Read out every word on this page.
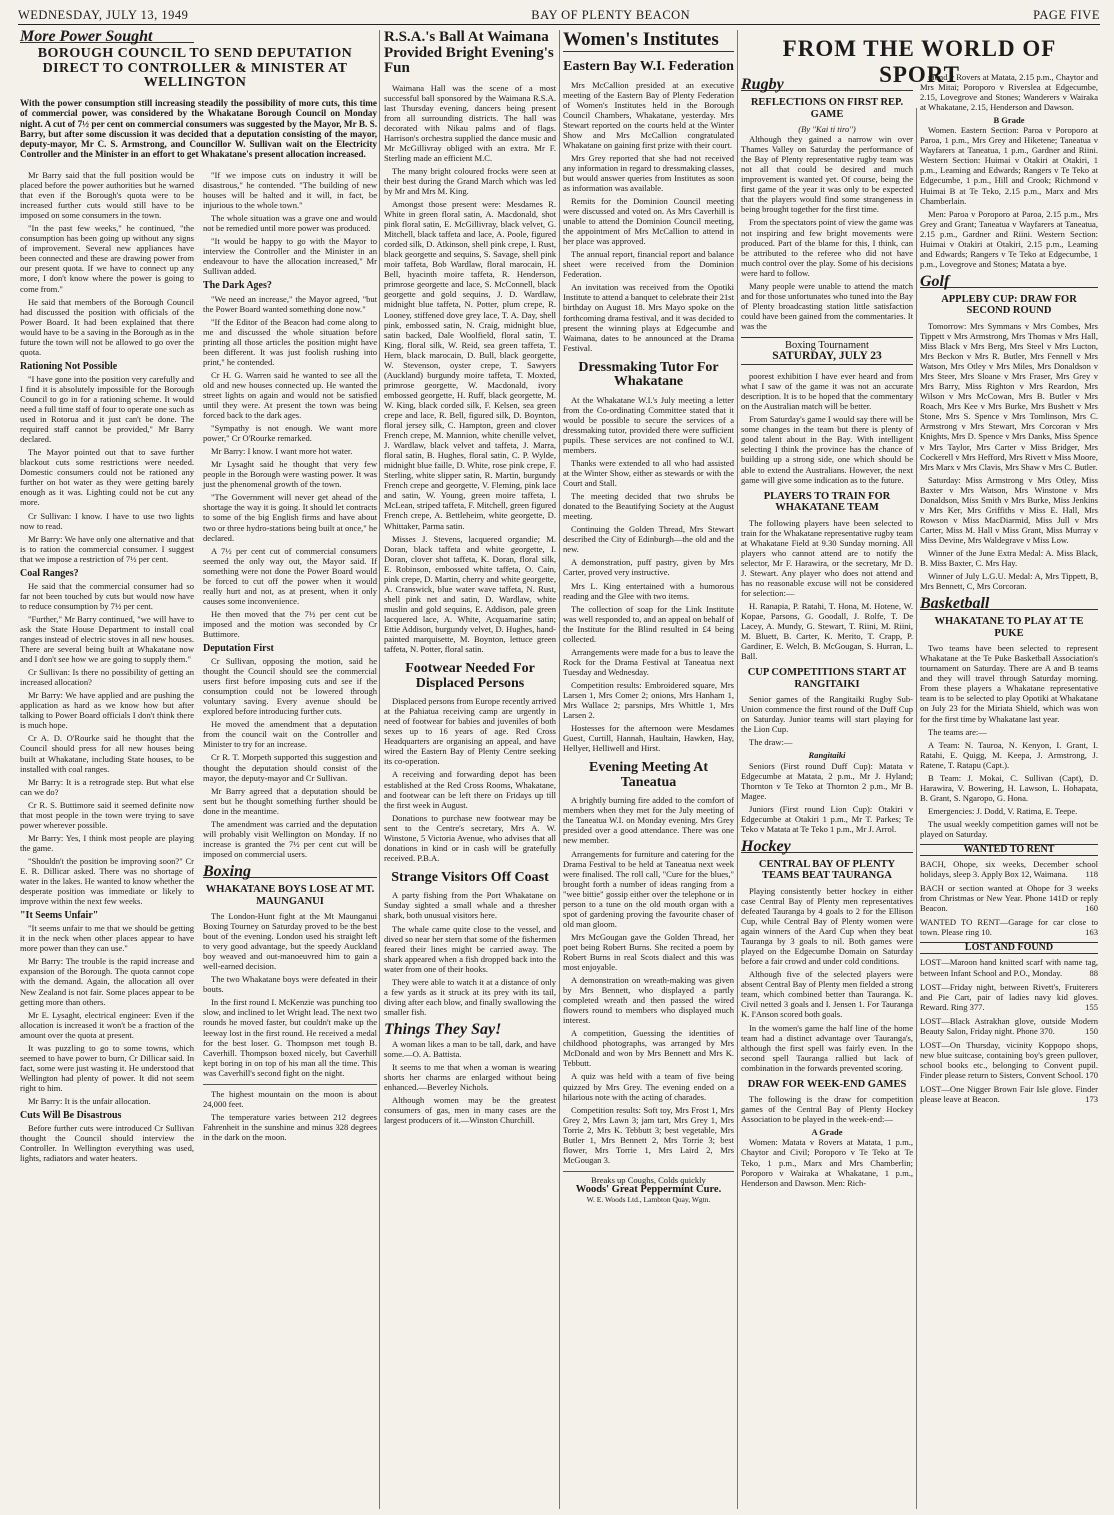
WEDNESDAY, JULY 13, 1949	BAY OF PLENTY BEACON	PAGE FIVE
More Power Sought
BOROUGH COUNCIL TO SEND DEPUTATION DIRECT TO CONTROLLER & MINISTER AT WELLINGTON
With the power consumption still increasing steadily the possibility of more cuts, this time of commercial power, was considered by the Whakatane Borough Council on Monday night. A cut of 7½ per cent on commercial consumers was suggested by the Mayor, Mr B. S. Barry, but after some discussion it was decided that a deputation consisting of the mayor, deputy-mayor, Mr C. S. Armstrong, and Councillor W. Sullivan wait on the Electricity Controller and the Minister in an effort to get Whakatane's present allocation increased.

Mr Barry said that the full position would be placed before the power authorities but he warned that even if the Borough's quota were to be increased further cuts would still have to be imposed on some consumers in the town.

"In the past few weeks," he continued, "the consumption has been going up without any signs of improvement. Several new appliances have been connected and these are drawing power from our present quota. If we have to connect up any more, I don't know where the power is going to come from."

He said that members of the Borough Council had discussed the position with officials of the Power Board. It had been explained that there would have to be a saving in the Borough as in the future the town will not be allowed to go over the quota.

Rationing Not Possible

"I have gone into the position very carefully and I find it is absolutely impossible for the Borough Council to go in for a rationing scheme. It would need a full time staff of four to operate one such as used in Rotorua and it just can't be done. The required staff cannot be provided," Mr Barry declared.

The Mayor pointed out that to save further blackout cuts some restrictions were needed. Domestic consumers could not be rationed any further on hot water as they were getting barely enough as it was. Lighting could not be cut any more.

Cr Sullivan: I know. I have to use two lights now to read.

Mr Barry: We have only one alternative and that is to ration the commercial consumer. I suggest that we impose a restriction of 7½ per cent.

Coal Ranges?

He said that the commercial consumer had so far not been touched by cuts but would now have to reduce consumption by 7½ per cent.

"Further," Mr Barry continued, "we will have to ask the State House Department to install coal ranges instead of electric stoves in all new houses. There are several being built at Whakatane now and I don't see how we are going to supply them."

Cr Sullivan: Is there no possibility of getting an increased allocation?

Mr Barry: We have applied and are pushing the application as hard as we know how but after talking to Power Board officials I don't think there is much hope.

Cr A. D. O'Rourke said he thought that the Council should press for all new houses being built at Whakatane, including State houses, to be installed with coal ranges.

Mr Barry: It is a retrograde step. But what else can we do?

Cr R. S. Buttimore said it seemed definite now that most people in the town were trying to save power wherever possible.

Mr Barry: Yes, I think most people are playing the game.

"Shouldn't the position be improving soon?" Cr E. R. Dillicar asked. There was no shortage of water in the lakes. He wanted to know whether the desperate position was immediate or likely to improve within the next few weeks.

"It Seems Unfair"

"It seems unfair to me that we should be getting it in the neck when other places appear to have more power than they can use."

Mr Barry: The trouble is the rapid increase and expansion of the Borough. The quota cannot cope with the demand. Again, the allocation all over New Zealand is not fair. Some places appear to be getting more than others.

Mr E. Lysaght, electrical engineer: Even if the allocation is increased it won't be a fraction of the amount over the quota at present.

It was puzzling to go to some towns, which seemed to have power to burn, Cr Dillicar said. In fact, some were just wasting it. He understood that Wellington had plenty of power. It did not seem right to him.

Mr Barry: It is the unfair allocation.

Cuts Will Be Disastrous

Before further cuts were introduced Cr Sullivan thought the Council should interview the Controller. In Wellington everything was used, lights, radiators and water heaters.

"If we impose cuts on industry it will be disastrous," he contended. "The building of new houses will be halted and it will, in fact, be injurious to the whole town."

The whole situation was a grave one and would not be remedied until more power was produced.

"It would be happy to go with the Mayor to interview the Controller and the Minister in an endeavour to have the allocation increased," Mr Sullivan added.

The Dark Ages?

"We need an increase," the Mayor agreed, "but the Power Board wanted something done now."

"If the Editor of the Beacon had come along to me and discussed the whole situation before printing all those articles the position might have been different. It was just foolish rushing into print," he contended.

Cr H. G. Warren said he wanted to see all the old and new houses connected up. He wanted the street lights on again and would not be satisfied until they were. At present the town was being forced back to the dark ages.

"Sympathy is not enough. We want more power," Cr O'Rourke remarked.

Mr Barry: I know. I want more hot water.

Mr Lysaght said he thought that very few people in the Borough were wasting power. It was just the phenomenal growth of the town.

"The Government will never get ahead of the shortage the way it is going. It should let contracts to some of the big English firms and have about two or three hydro-stations being built at once," he declared.

A 7½ per cent cut of commercial consumers seemed the only way out, the Mayor said. If something were not done the Power Board would be forced to cut off the power when it would really hurt and not, as at present, when it only causes some inconvenience.

He then moved that the 7½ per cent cut be imposed and the motion was seconded by Cr Buttimore.

Deputation First

Cr Sullivan, opposing the motion, said he thought the Council should see the commercial users first before imposing cuts and see if the consumption could not be lowered through voluntary saving. Every avenue should be explored before introducing further cuts.

He moved the amendment that a deputation from the council wait on the Controller and Minister to try for an increase.

Cr R. T. Morpeth supported this suggestion and thought the deputation should consist of the mayor, the deputy-mayor and Cr Sullivan.

Mr Barry agreed that a deputation should be sent but he thought something further should be done in the meantime.

The amendment was carried and the deputation will probably visit Wellington on Monday. If no increase is granted the 7½ per cent cut will be imposed on commercial users.

Boxing
WHAKATANE BOYS LOSE AT MT. MAUNGANUI

The London-Hunt fight at the Mt Maunganui Boxing Tourney on Saturday proved to be the best bout of the evening. London used his straight left to very good advantage, but the speedy Auckland boy weaved and out-manoeuvred him to gain a well-earned decision.

The two Whakatane boys were defeated in their bouts.

In the first round I. McKenzie was punching too slow, and inclined to let Wright lead. The next two rounds he moved faster, but couldn't make up the leeway lost in the first round. He received a medal for the best loser. G. Thompson met tough B. Caverhill. Thompson boxed nicely, but Caverhill kept boring in on top of his man all the time. This was Caverhill's second fight on the night.

The highest mountain on the moon is about 24,000 feet.

The temperature varies between 212 degrees Fahrenheit in the sunshine and minus 328 degrees in the dark on the moon.

R.S.A.'s Ball At Waimana Provided Bright Evening's Fun

Waimana Hall was the scene of a most successful ball sponsored by the Waimana R.S.A. last Thursday evening, dancers being present from all surrounding districts. The hall was decorated with Nikau palms and of flags. Harrison's orchestra supplied the dance music and Mr McGillivray obliged with an extra. Mr F. Sterling made an efficient M.C.

The many bright coloured frocks were seen at their best during the Grand March which was led by Mr and Mrs M. King.

Amongst those present were: Mesdames R. White in green floral satin, A. Macdonald, shot pink floral satin, E. McGillivray, black velvet, G. Mitchell, black taffeta and lace, A. Poole, figured corded silk, D. Atkinson, shell pink crepe, I. Rust, black georgette and sequins, S. Savage, shell pink moir taffeta, Bob Wardlaw, floral marocain, H. Bell, hyacinth moire taffeta, R. Henderson, primrose georgette and lace, S. McConnell, black georgette and gold sequins, J. D. Wardlaw, midnight blue taffeta, N. Potter, plum crepe, R. Looney, stiffened dove grey lace, T. A. Day, shell pink, embossed satin, N. Craig, midnight blue, satin backed, Dale Woolfield, floral satin, T. King, floral silk, W. Reid, sea green taffeta, T. Hern, black marocain, D. Bull, black georgette, W. Stevenson, oyster crepe, T. Sawyers (Auckland) burgundy moire taffeta, T. Moxted, primrose georgette, W. Macdonald, ivory embossed georgette, H. Ruff, black georgette, M. W. King, black corded silk, F. Kelsen, sea green crepe and lace, R. Bell, figured silk, D. Boynton, floral jersey silk, C. Hampton, green and clover French crepe, M. Mannion, white chenille velvet, J. Wardlaw, black velvet and taffeta, J. Marra, floral satin, B. Hughes, floral satin, C. P. Wylde, midnight blue faille, D. White, rose pink crepe, F. Sterling, white slipper satin, R. Martin, burgundy French crepe and georgette, V. Fleming, pink lace and satin, W. Young, green moire taffeta, I. McLean, striped taffeta, F. Mitchell, green figured French crepe, A. Bettleheim, white georgette, D. Whittaker, Parma satin.

Misses J. Stevens, lacquered organdie; M. Doran, black taffeta and white georgette, I. Doran, clover shot taffeta, K. Doran, floral silk, E. Robinson, embossed white taffeta, O. Cain, pink crepe, D. Martin, cherry and white georgette, A. Cranswick, blue water wave taffeta, N. Rust, shell pink net and satin, D. Wardlaw, white muslin and gold sequins, E. Addison, pale green lacquered lace, A. White, Acquamarine satin; Ettie Addison, burgundy velvet, D. Hughes, hand-painted marquisette, M. Boynton, lettuce green taffeta, N. Potter, floral satin.

Footwear Needed For Displaced Persons

Displaced persons from Europe recently arrived at the Pahiatua receiving camp are urgently in need of footwear for babies and juveniles of both sexes up to 16 years of age. Red Cross Headquarters are organising an appeal, and have wired the Eastern Bay of Plenty Centre seeking its co-operation.

A receiving and forwarding depot has been established at the Red Cross Rooms, Whakatane, and footwear can be left there on Fridays up till the first week in August.

Donations to purchase new footwear may be sent to the Centre's secretary, Mrs A. W. Winstone, 5 Victoria Avenue, who advises that all donations in kind or in cash will be gratefully received. P.B.A.

Strange Visitors Off Coast

A party fishing from the Port Whakatane on Sunday sighted a small whale and a thresher shark, both unusual visitors here.

The whale came quite close to the vessel, and dived so near her stern that some of the fishermen feared their lines might be carried away. The shark appeared when a fish dropped back into the water from one of their hooks.

They were able to watch it at a distance of only a few yards as it struck at its prey with its tail, diving after each blow, and finally swallowing the smaller fish.

Things They Say!

A woman likes a man to be tall, dark, and have some.—O. A. Battista.

It seems to me that when a woman is wearing shorts her charms are enlarged without being enhanced.—Beverley Nichols.

Although women may be the greatest consumers of gas, men in many cases are the largest producers of it.—Winston Churchill.

Women's Institutes
Eastern Bay W.I. Federation

Mrs McCallion presided at an executive meeting of the Eastern Bay of Plenty Federation of Women's Institutes held in the Borough Council Chambers, Whakatane, yesterday. Mrs Stewart reported on the courts held at the Winter Show and Mrs McCallion congratulated Whakatane on gaining first prize with their court.

Mrs Grey reported that she had not received any information in regard to dressmaking classes, but would answer queries from Institutes as soon as information was available.

Remits for the Dominion Council meeting were discussed and voted on. As Mrs Caverhill is unable to attend the Dominion Council meeting, the appointment of Mrs McCallion to attend in her place was approved.

The annual report, financial report and balance sheet were received from the Dominion Federation.

An invitation was received from the Opotiki Institute to attend a banquet to celebrate their 21st birthday on August 18. Mrs Mayo spoke on the forthcoming drama festival, and it was decided to present the winning plays at Edgecumbe and Waimana, dates to be announced at the Drama Festival.

Dressmaking Tutor For Whakatane

At the Whakatane W.I.'s July meeting a letter from the Co-ordinating Committee stated that it would be possible to secure the services of a dressmaking tutor, provided there were sufficient pupils. These services are not confined to W.I. members.

Thanks were extended to all who had assisted at the Winter Show, either as stewards or with the Court and Stall.

The meeting decided that two shrubs be donated to the Beautifying Society at the August meeting.

Continuing the Golden Thread, Mrs Stewart described the City of Edinburgh—the old and the new.

A demonstration, puff pastry, given by Mrs Carter, proved very instructive.

Mrs L. King entertained with a humorous reading and the Glee with two items.

The collection of soap for the Link Institute was well responded to, and an appeal on behalf of the Institute for the Blind resulted in £4 being collected.

Arrangements were made for a bus to leave the Rock for the Drama Festival at Taneatua next Tuesday and Wednesday.

Competition results: Embroidered square, Mrs Larsen 1, Mrs Comer 2; onions, Mrs Hanham 1, Mrs Wallace 2; parsnips, Mrs Whittle 1, Mrs Larsen 2.

Hostesses for the afternoon were Mesdames Guest, Curtill, Hannah, Haultain, Hawken, Hay, Hellyer, Helliwell and Hirst.

Evening Meeting At Taneatua

A brightly burning fire added to the comfort of members when they met for the July meeting of the Taneatua W.I. on Monday evening. Mrs Grey presided over a good attendance. There was one new member.

Arrangements for furniture and catering for the Drama Festival to be held at Taneatua next week were finalised. The roll call, "Cure for the blues," brought forth a number of ideas ranging from a "wee bittie" gossip either over the telephone or in person to a tune on the old mouth organ with a spot of gardening proving the favourite chaser of old man gloom.

Mrs McGougan gave the Golden Thread, her poet being Robert Burns. She recited a poem by Robert Burns in real Scots dialect and this was most enjoyable.

A demonstration on wreath-making was given by Mrs Bennett, who displayed a partly completed wreath and then passed the wired flowers round to members who displayed much interest.

A competition, Guessing the identities of childhood photographs, was arranged by Mrs McDonald and won by Mrs Bennett and Mrs K. Tebbutt.

A quiz was held with a team of five being quizzed by Mrs Grey. The evening ended on a hilarious note with the acting of charades.

Competition results: Soft toy, Mrs Frost 1, Mrs Grey 2, Mrs Lawn 3; jam tart, Mrs Grey 1, Mrs Torrie 2, Mrs K. Tebbutt 3; best vegetable, Mrs Butler 1, Mrs Bennett 2, Mrs Torrie 3; best flower, Mrs Torrie 1, Mrs Laird 2, Mrs McGougan 3.

Breaks up Coughs, Colds quickly
Woods' Great Peppermint Cure.
W. E. Woods Ltd., Lambton Quay, Wgtn.
FROM THE WORLD OF SPORT
Rugby
REFLECTIONS ON FIRST REP. GAME
(By "Kai ti tiro")

Although they gained a narrow win over Thames Valley on Saturday the performance of the Bay of Plenty representative rugby team was not all that could be desired and much improvement is wanted yet. Of course, being the first game of the year it was only to be expected that the players would find some strangeness in being brought together for the first time.

From the spectators point of view the game was not inspiring and few bright movements were produced. Part of the blame for this, I think, can be attributed to the referee who did not have much control over the play. Some of his decisions were hard to follow.

Many people were unable to attend the match and for those unfortunates who tuned into the Bay of Plenty broadcasting station little satisfaction could have been gained from the commentaries. It was the

Boxing Tournament
SATURDAY, JULY 23

poorest exhibition I have ever heard and from what I saw of the game it was not an accurate description. It is to be hoped that the commentary on the Australian match will be better.

From Saturday's game I would say there will be some changes in the team but there is plenty of good talent about in the Bay. With intelligent selecting I think the province has the chance of building up a strong side, one which should be able to extend the Australians. However, the next game will give some indication as to the future.

PLAYERS TO TRAIN FOR WHAKATANE TEAM

The following players have been selected to train for the Whakatane representative rugby team at Whakatane Field at 9.30 Sunday morning. All players who cannot attend are to notify the selector, Mr F. Harawira, or the secretary, Mr D. J. Stewart. Any player who does not attend and has no reasonable excuse will not be considered for selection:—

H. Ranapia, P. Ratahi, T. Hona, M. Hotene, W. Kopae, Parsons, G. Goodall, J. Rolfe, T. De Lacey, A. Mundy, G. Stewart, T. Riini, M. Riini, M. Bluett, B. Carter, K. Merito, T. Crapp, P. Gardiner, E. Welch, B. McGougan, S. Hurran, L. Ball.

CUP COMPETITIONS START AT RANGITAIKI

Senior games of the Rangitaiki Rugby Sub-Union commence the first round of the Duff Cup on Saturday. Junior teams will start playing for the Lion Cup.

The draw:—

Rangitaiki

Seniors (First round Duff Cup): Matata v Edgecumbe at Matata, 2 p.m., Mr J. Hyland; Thornton v Te Teko at Thornton 2 p.m., Mr B. Magee.

Juniors (First round Lion Cup): Otakiri v Edgecumbe at Otakiri 1 p.m., Mr T. Parkes; Te Teko v Matata at Te Teko 1 p.m., Mr J. Arrol.

Hockey
CENTRAL BAY OF PLENTY TEAMS BEAT TAURANGA

Playing consistently better hockey in either case Central Bay of Plenty men representatives defeated Tauranga by 4 goals to 2 for the Ellison Cup, while Central Bay of Plenty women were again winners of the Aard Cup when they beat Tauranga by 3 goals to nil. Both games were played on the Edgecumbe Domain on Saturday before a fair crowd and under cold conditions.

Although five of the selected players were absent Central Bay of Plenty men fielded a strong team, which combined better than Tauranga. K. Civil netted 3 goals and I. Jensen 1. For Tauranga K. I'Anson scored both goals.

In the women's game the half line of the home team had a distinct advantage over Tauranga's, although the first spell was fairly even. In the second spell Tauranga rallied but lack of combination in the forwards prevented scoring.

DRAW FOR WEEK-END GAMES

The following is the draw for competition games of the Central Bay of Plenty Hockey Association to be played in the week-end:—

A Grade

Women: Matata v Rovers at Matata, 1 p.m., Chaytor and Civil; Poroporo v Te Teko at Te Teko, 1 p.m., Marx and Mrs Chamberlin; Poroporo v Wairaka at Whakatane, 1 p.m., Henderson and Dawson. Men: Rich-

mond v Rovers at Matata, 2.15 p.m., Chaytor and Mrs Mitai; Poroporo v Riversleа at Edgecumbe, 2.15, Lovegrove and Stones; Wanderers v Wairaka at Whakatane, 2.15, Henderson and Dawson.

B Grade

Women. Eastern Section: Paroa v Poroporo at Paroa, 1 p.m., Mrs Grey and Hiketene; Taneatua v Wayfarers at Taneatua, 1 p.m., Gardner and Riini. Western Section: Huimai v Otakiri at Otakiri, 1 p.m., Leaming and Edwards; Rangers v Te Teko at Edgecumbe, 1 p.m., Hill and Crook; Richmond v Huimai B at Te Teko, 2.15 p.m., Marx and Mrs Chamberlain.

Men: Paroa v Poroporo at Paroa, 2.15 p.m., Mrs Grey and Grant; Taneatua v Wayfarers at Taneatua, 2.15 p.m., Gardner and Riini. Western Section: Huimai v Otakiri at Otakiri, 2.15 p.m., Leaming and Edwards; Rangers v Te Teko at Edgecumbe, 1 p.m., Lovegrove and Stones; Matata a bye.

Golf
APPLEBY CUP: DRAW FOR SECOND ROUND

Tomorrow: Mrs Symmans v Mrs Combes, Mrs Tippett v Mrs Armstrong, Mrs Thomas v Mrs Hall, Miss Black v Mrs Berg, Mrs Steel v Mrs Lucton, Mrs Beckon v Mrs R. Butler, Mrs Fennell v Mrs Watson, Mrs Otley v Mrs Miles, Mrs Donaldson v Mrs Steer, Mrs Sloane v Mrs Fraser, Mrs Grey v Mrs Barry, Miss Righton v Mrs Reardon, Mrs Wilson v Mrs McCowan, Mrs B. Butler v Mrs Roach, Mrs Kee v Mrs Burke, Mrs Bushett v Mrs Stone, Mrs S. Spence v Mrs Tomlinson, Mrs C. Armstrong v Mrs Stewart, Mrs Corcoran v Mrs Knights, Mrs D. Spence v Mrs Danks, Miss Spence v Mrs Taylor, Mrs Carter v Miss Bridger, Mrs Cockerell v Mrs Hefford, Mrs Rivett v Miss Moore, Mrs Marx v Mrs Clavis, Mrs Shaw v Mrs C. Butler.

Saturday: Miss Armstrong v Mrs Otley, Miss Baxter v Mrs Watson, Mrs Winstone v Mrs Donaldson, Miss Smith v Mrs Burke, Miss Jenkins v Mrs Ker, Mrs Griffiths v Miss E. Hall, Mrs Rowson v Miss MacDiarmid, Miss Jull v Mrs Carter, Miss M. Hall v Miss Grant, Miss Murray v Miss Devine, Mrs Waldegrave v Miss Low.

Winner of the June Extra Medal: A. Miss Black, B. Miss Baxter, C. Mrs Hay.

Winner of July L.G.U. Medal: A, Mrs Tippett, B, Mrs Bennett, C, Mrs Corcoran.

Basketball
WHAKATANE TO PLAY AT TE PUKE

Two teams have been selected to represent Whakatane at the Te Puke Basketball Association's tournament on Saturday. There are A and B teams and they will travel through Saturday morning. From these players a Whakatane representative team is to be selected to play Opotiki at Whakatane on July 23 for the Miriata Shield, which was won for the first time by Whakatane last year.

The teams are:—

A Team: N. Tauroa, N. Kenyon, I. Grant, I. Ratahi, E. Quigg, M. Keepa, J. Armstrong, J. Ratene, T. Ratapu (Capt.).

B Team: J. Mokai, C. Sullivan (Capt), D. Harawira, V. Bowering, H. Lawson, L. Hohapata, B. Grant, S. Ngaropo, G. Hona.

Emergencies: J. Dodd, V. Ratima, E. Teepe.

The usual weekly competition games will not be played on Saturday.

WANTED TO RENT
BACH, Ohope, six weeks, December school holidays, sleep 3. Apply Box 12, Waimana. 118
BACH or section wanted at Ohope for 3 weeks from Christmas or New Year. Phone 141D or reply Beacon.	160
WANTED TO RENT—Garage for car close to town. Please ring 10.	163
LOST AND FOUND
LOST—Maroon hand knitted scarf with name tag, between Infant School and P.O., Monday.	88
LOST—Friday night, between Rivett's, Fruiterers and Pie Cart, pair of ladies navy kid gloves. Reward. Ring 377.	155
LOST—Black Astrakhan glove, outside Modern Beauty Salon, Friday night. Phone 370.	150
LOST—On Thursday, vicinity Koppopo shops, new blue suitcase, containing boy's green pullover, school books etc., belonging to Convent pupil. Finder please return to Sisters, Convent School. 170
LOST—One Nigger Brown Fair Isle glove. Finder please leave at Beacon.	173
